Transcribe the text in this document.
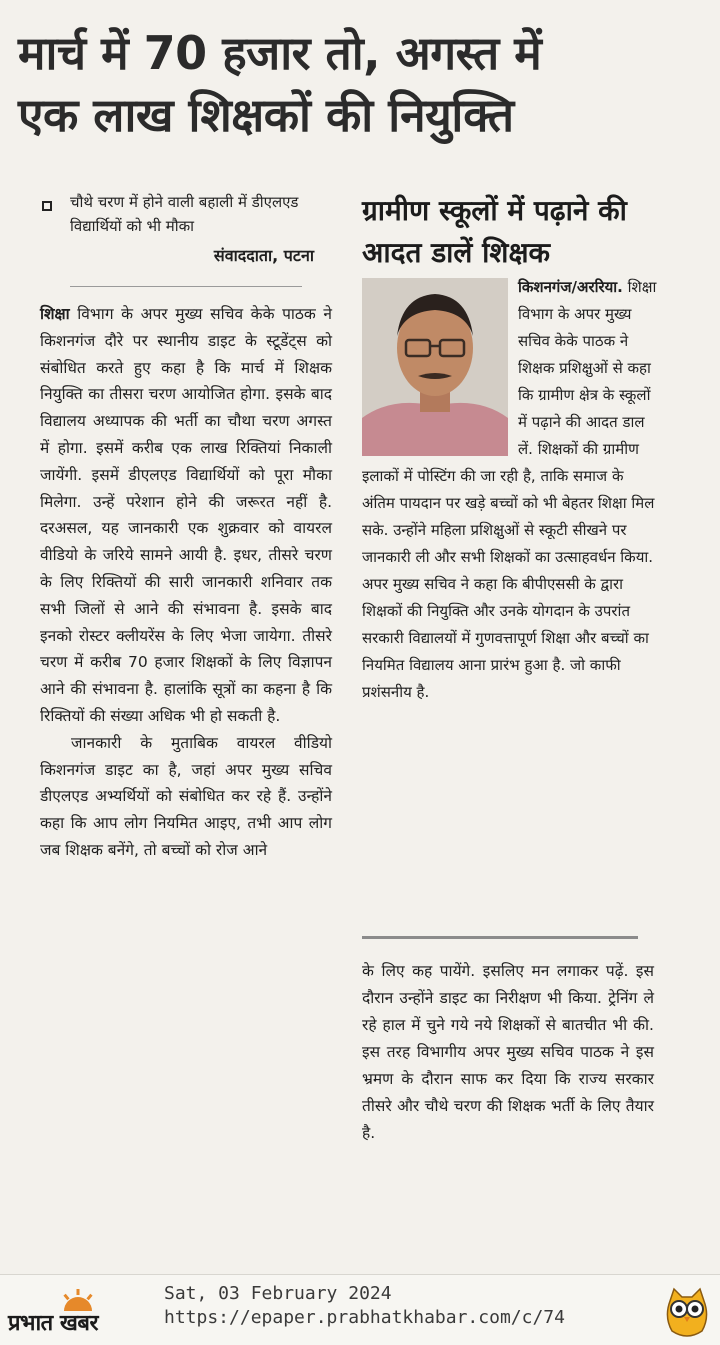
मार्च में 70 हजार तो, अगस्त में
एक लाख शिक्षकों की नियुक्ति
चौथे चरण में होने वाली बहाली में डीएलएड विद्यार्थियों को भी मौका
संवाददाता, पटना

शिक्षा विभाग के अपर मुख्य सचिव केके पाठक ने किशनगंज दौरे पर स्थानीय डाइट के स्टूडेंट्स को संबोधित करते हुए कहा है कि मार्च में शिक्षक नियुक्ति का तीसरा चरण आयोजित होगा. इसके बाद विद्यालय अध्यापक की भर्ती का चौथा चरण अगस्त में होगा. इसमें करीब एक लाख रिक्तियां निकाली जायेंगी. इसमें डीएलएड विद्यार्थियों को पूरा मौका मिलेगा. उन्हें परेशान होने की जरूरत नहीं है. दरअसल, यह जानकारी एक शुक्रवार को वायरल वीडियो के जरिये सामने आयी है. इधर, तीसरे चरण के लिए रिक्तियों की सारी जानकारी शनिवार तक सभी जिलों से आने की संभावना है. इसके बाद इनको रोस्टर क्लीयरेंस के लिए भेजा जायेगा. तीसरे चरण में करीब 70 हजार शिक्षकों के लिए विज्ञापन आने की संभावना है. हालांकि सूत्रों का कहना है कि रिक्तियों की संख्या अधिक भी हो सकती है.

जानकारी के मुताबिक वायरल वीडियो किशनगंज डाइट का है, जहां अपर मुख्य सचिव डीएलएड अभ्यर्थियों को संबोधित कर रहे हैं. उन्होंने कहा कि आप लोग नियमित आइए, तभी आप लोग जब शिक्षक बनेंगे, तो बच्चों को रोज आने

ग्रामीण स्कूलों में पढ़ाने की आदत डालें शिक्षक

किशनगंज/अररिया. शिक्षा विभाग के अपर मुख्य सचिव केके पाठक ने शिक्षक प्रशिक्षुओं से कहा कि ग्रामीण क्षेत्र के स्कूलों में पढ़ाने की आदत डाल लें. शिक्षकों की ग्रामीण इलाकों में पोस्टिंग की जा रही है, ताकि समाज के अंतिम पायदान पर खड़े बच्चों को भी बेहतर शिक्षा मिल सके. उन्होंने महिला प्रशिक्षुओं से स्कूटी सीखने पर जानकारी ली और सभी शिक्षकों का उत्साहवर्धन किया. अपर मुख्य सचिव ने कहा कि बीपीएससी के द्वारा शिक्षकों की नियुक्ति और उनके योगदान के उपरांत सरकारी विद्यालयों में गुणवत्तापूर्ण शिक्षा और बच्चों का नियमित विद्यालय आना प्रारंभ हुआ है. जो काफी प्रशंसनीय है.

के लिए कह पायेंगे. इसलिए मन लगाकर पढ़ें. इस दौरान उन्होंने डाइट का निरीक्षण भी किया. ट्रेनिंग ले रहे हाल में चुने गये नये शिक्षकों से बातचीत भी की. इस तरह विभागीय अपर मुख्य सचिव पाठक ने इस भ्रमण के दौरान साफ कर दिया कि राज्य सरकार तीसरे और चौथे चरण की शिक्षक भर्ती के लिए तैयार है.

प्रभात खबर
Sat, 03 February 2024
https://epaper.prabhatkhabar.com/c/74
